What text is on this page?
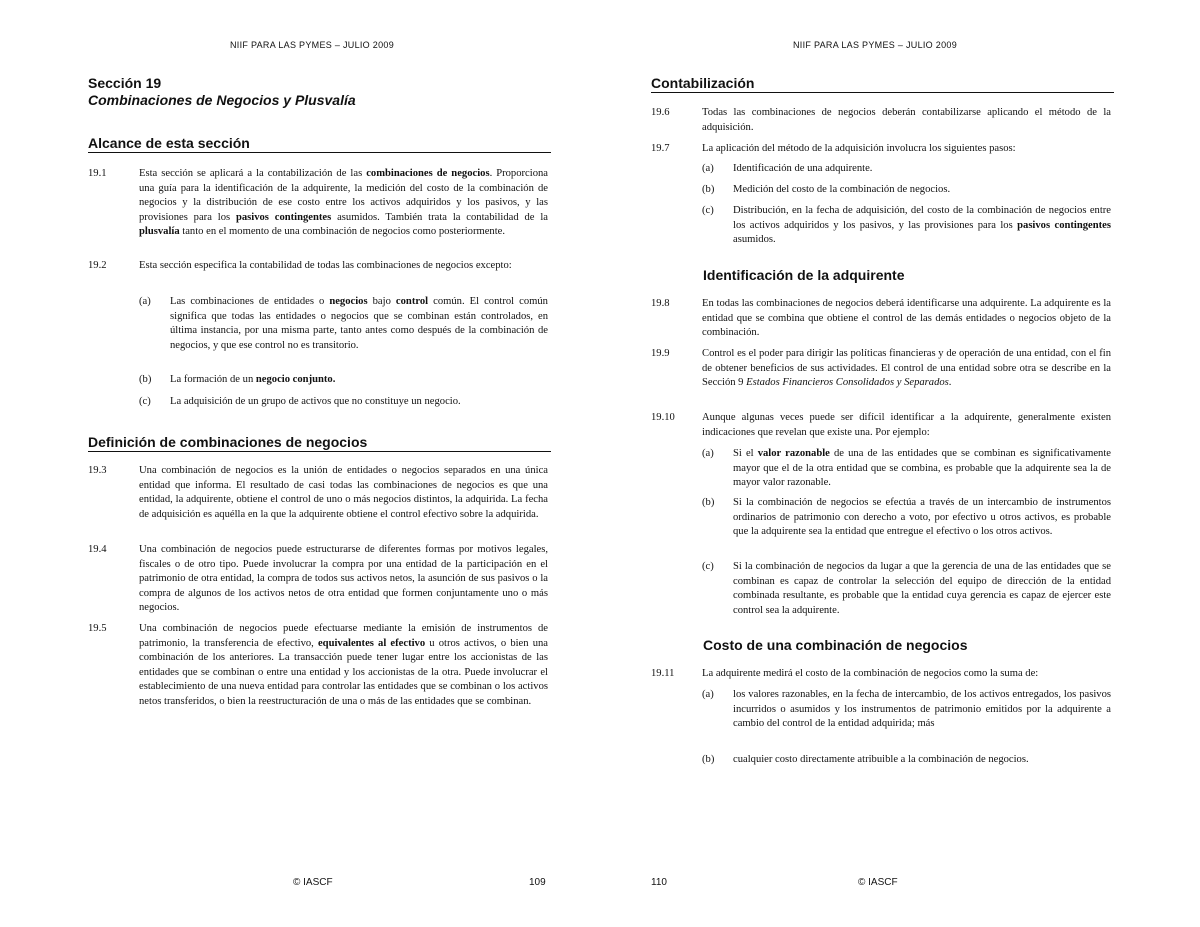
NIIF PARA LAS PYMES – JULIO 2009
Sección 19
Combinaciones de Negocios y Plusvalía
Alcance de esta sección
19.1	Esta sección se aplicará a la contabilización de las combinaciones de negocios. Proporciona una guía para la identificación de la adquirente, la medición del costo de la combinación de negocios y la distribución de ese costo entre los activos adquiridos y los pasivos, y las provisiones para los pasivos contingentes asumidos. También trata la contabilidad de la plusvalía tanto en el momento de una combinación de negocios como posteriormente.
19.2	Esta sección especifica la contabilidad de todas las combinaciones de negocios excepto:
(a) Las combinaciones de entidades o negocios bajo control común. El control común significa que todas las entidades o negocios que se combinan están controlados, en última instancia, por una misma parte, tanto antes como después de la combinación de negocios, y que ese control no es transitorio.
(b) La formación de un negocio conjunto.
(c) La adquisición de un grupo de activos que no constituye un negocio.
Definición de combinaciones de negocios
19.3	Una combinación de negocios es la unión de entidades o negocios separados en una única entidad que informa. El resultado de casi todas las combinaciones de negocios es que una entidad, la adquirente, obtiene el control de uno o más negocios distintos, la adquirida. La fecha de adquisición es aquélla en la que la adquirente obtiene el control efectivo sobre la adquirida.
19.4	Una combinación de negocios puede estructurarse de diferentes formas por motivos legales, fiscales o de otro tipo. Puede involucrar la compra por una entidad de la participación en el patrimonio de otra entidad, la compra de todos sus activos netos, la asunción de sus pasivos o la compra de algunos de los activos netos de otra entidad que formen conjuntamente uno o más negocios.
19.5	Una combinación de negocios puede efectuarse mediante la emisión de instrumentos de patrimonio, la transferencia de efectivo, equivalentes al efectivo u otros activos, o bien una combinación de los anteriores. La transacción puede tener lugar entre los accionistas de las entidades que se combinan o entre una entidad y los accionistas de la otra. Puede involucrar el establecimiento de una nueva entidad para controlar las entidades que se combinan o los activos netos transferidos, o bien la reestructuración de una o más de las entidades que se combinan.
© IASCF	109
NIIF PARA LAS PYMES – JULIO 2009
Contabilización
19.6	Todas las combinaciones de negocios deberán contabilizarse aplicando el método de la adquisición.
19.7	La aplicación del método de la adquisición involucra los siguientes pasos:
(a) Identificación de una adquirente.
(b) Medición del costo de la combinación de negocios.
(c) Distribución, en la fecha de adquisición, del costo de la combinación de negocios entre los activos adquiridos y los pasivos, y las provisiones para los pasivos contingentes asumidos.
Identificación de la adquirente
19.8	En todas las combinaciones de negocios deberá identificarse una adquirente. La adquirente es la entidad que se combina que obtiene el control de las demás entidades o negocios objeto de la combinación.
19.9	Control es el poder para dirigir las políticas financieras y de operación de una entidad, con el fin de obtener beneficios de sus actividades. El control de una entidad sobre otra se describe en la Sección 9 Estados Financieros Consolidados y Separados.
19.10	Aunque algunas veces puede ser difícil identificar a la adquirente, generalmente existen indicaciones que revelan que existe una. Por ejemplo:
(a) Si el valor razonable de una de las entidades que se combinan es significativamente mayor que el de la otra entidad que se combina, es probable que la adquirente sea la de mayor valor razonable.
(b) Si la combinación de negocios se efectúa a través de un intercambio de instrumentos ordinarios de patrimonio con derecho a voto, por efectivo u otros activos, es probable que la adquirente sea la entidad que entregue el efectivo o los otros activos.
(c) Si la combinación de negocios da lugar a que la gerencia de una de las entidades que se combinan es capaz de controlar la selección del equipo de dirección de la entidad combinada resultante, es probable que la entidad cuya gerencia es capaz de ejercer este control sea la adquirente.
Costo de una combinación de negocios
19.11	La adquirente medirá el costo de la combinación de negocios como la suma de:
(a) los valores razonables, en la fecha de intercambio, de los activos entregados, los pasivos incurridos o asumidos y los instrumentos de patrimonio emitidos por la adquirente a cambio del control de la entidad adquirida; más
(b) cualquier costo directamente atribuible a la combinación de negocios.
110	© IASCF
